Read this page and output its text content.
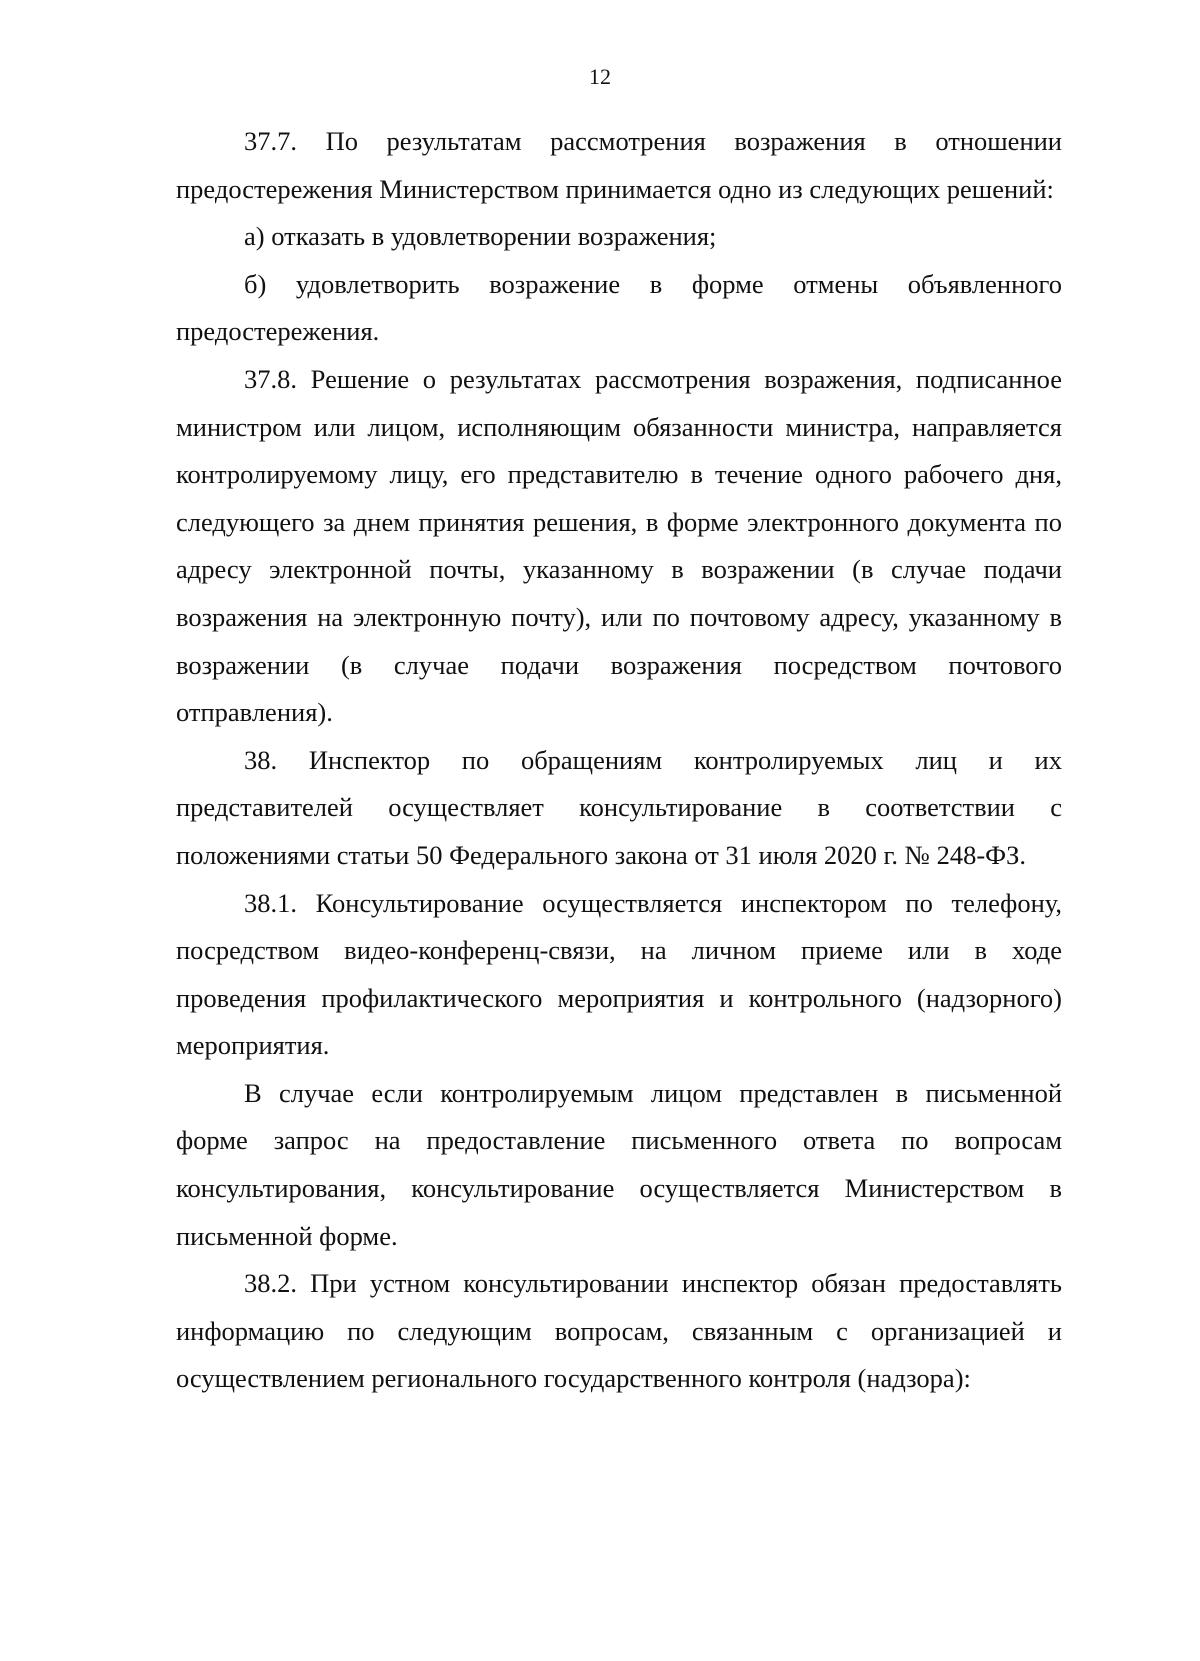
12

37.7. По результатам рассмотрения возражения в отношении предостережения Министерством принимается одно из следующих решений:

а) отказать в удовлетворении возражения;

б) удовлетворить возражение в форме отмены объявленного предостережения.

37.8. Решение о результатах рассмотрения возражения, подписанное министром или лицом, исполняющим обязанности министра, направляется контролируемому лицу, его представителю в течение одного рабочего дня, следующего за днем принятия решения, в форме электронного документа по адресу электронной почты, указанному в возражении (в случае подачи возражения на электронную почту), или по почтовому адресу, указанному в возражении (в случае подачи возражения посредством почтового отправления).

38. Инспектор по обращениям контролируемых лиц и их представителей осуществляет консультирование в соответствии с положениями статьи 50 Федерального закона от 31 июля 2020 г. № 248-ФЗ.

38.1. Консультирование осуществляется инспектором по телефону, посредством видео-конференц-связи, на личном приеме или в ходе проведения профилактического мероприятия и контрольного (надзорного) мероприятия.

В случае если контролируемым лицом представлен в письменной форме запрос на предоставление письменного ответа по вопросам консультирования, консультирование осуществляется Министерством в письменной форме.

38.2. При устном консультировании инспектор обязан предоставлять информацию по следующим вопросам, связанным с организацией и осуществлением регионального государственного контроля (надзора):
